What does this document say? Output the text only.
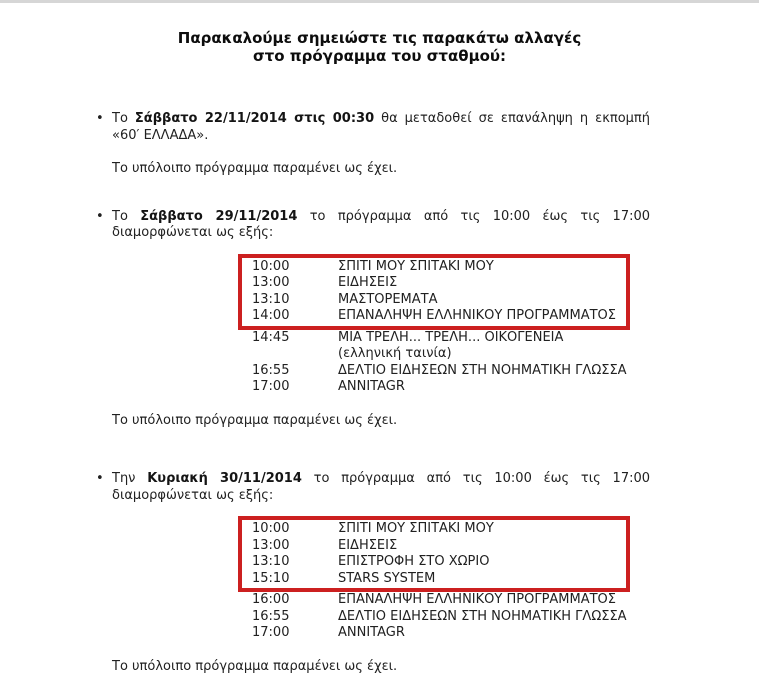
Παρακαλούμε σημειώστε τις παρακάτω αλλαγές
στο πρόγραμμα του σταθμού:

• Το Σάββατο 22/11/2014 στις 00:30 θα μεταδοθεί σε επανάληψη η εκπομπή «60′ ΕΛΛΑΔΑ».

Το υπόλοιπο πρόγραμμα παραμένει ως έχει.

• Το Σάββατο 29/11/2014 το πρόγραμμα από τις 10:00 έως τις 17:00 διαμορφώνεται ως εξής:

10:00	ΣΠΙΤΙ ΜΟΥ ΣΠΙΤΑΚΙ ΜΟΥ
13:00	ΕΙΔΗΣΕΙΣ
13:10	ΜΑΣΤΟΡΕΜΑΤΑ
14:00	ΕΠΑΝΑΛΗΨΗ ΕΛΛΗΝΙΚΟΥ ΠΡΟΓΡΑΜΜΑΤΟΣ
14:45	ΜΙΑ ΤΡΕΛΗ... ΤΡΕΛΗ... ΟΙΚΟΓΕΝΕΙΑ
(ελληνική ταινία)
16:55	ΔΕΛΤΙΟ ΕΙΔΗΣΕΩΝ ΣΤΗ ΝΟΗΜΑΤΙΚΗ ΓΛΩΣΣΑ
17:00	ANNITAGR

Το υπόλοιπο πρόγραμμα παραμένει ως έχει.

• Την Κυριακή 30/11/2014 το πρόγραμμα από τις 10:00 έως τις 17:00 διαμορφώνεται ως εξής:

10:00	ΣΠΙΤΙ ΜΟΥ ΣΠΙΤΑΚΙ ΜΟΥ
13:00	ΕΙΔΗΣΕΙΣ
13:10	ΕΠΙΣΤΡΟΦΗ ΣΤΟ ΧΩΡΙΟ
15:10	STARS SYSTEM
16:00	ΕΠΑΝΑΛΗΨΗ ΕΛΛΗΝΙΚΟΥ ΠΡΟΓΡΑΜΜΑΤΟΣ
16:55	ΔΕΛΤΙΟ ΕΙΔΗΣΕΩΝ ΣΤΗ ΝΟΗΜΑΤΙΚΗ ΓΛΩΣΣΑ
17:00	ANNITAGR

Το υπόλοιπο πρόγραμμα παραμένει ως έχει.
